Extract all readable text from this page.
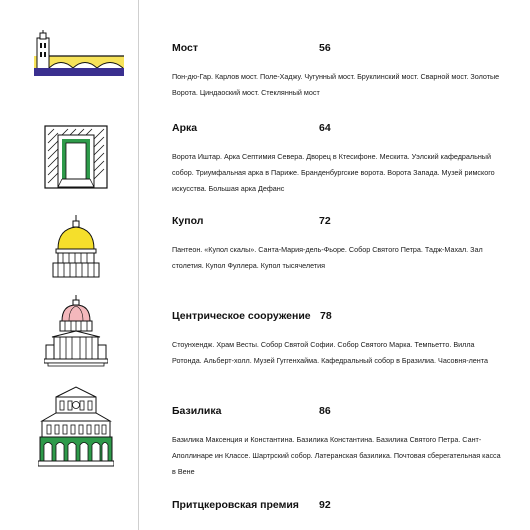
Мост	56
Пон-дю-Гар. Карлов мост. Поле-Хаджу. Чугунный мост. Бруклинский мост. Сварной мост. Золотые Ворота. Циндаоский мост. Стеклянный мост
Арка	64
Ворота Иштар. Арка Септимия Севера. Дворец в Ктесифоне. Мескита. Уэлский кафедральный собор. Триумфальная арка в Париже. Бранденбургские ворота. Ворота Запада. Музей римского искусства. Большая арка Дефанс
Купол	72
Пантеон. «Купол скалы». Санта-Мария-дель-Фьоре. Собор Святого Петра. Тадж-Махал. Зал столетия. Купол Фуллера. Купол тысячелетия
Центрическое сооружение 78
Стоунхендж. Храм Весты. Собор Святой Софии. Собор Святого Марка. Темпьетто. Вилла Ротонда. Альберт-холл. Музей Гуггенхайма. Кафедральный собор в Бразилиа. Часовня-лента
Базилика	86
Базилика Максенция и Константина. Базилика Константина. Базилика Святого Петра. Сант-Аполлинаре ин Классе. Шартрский собор. Латеранская базилика. Почтовая сберегательная касса в Вене
Притцкеровская премия 92
